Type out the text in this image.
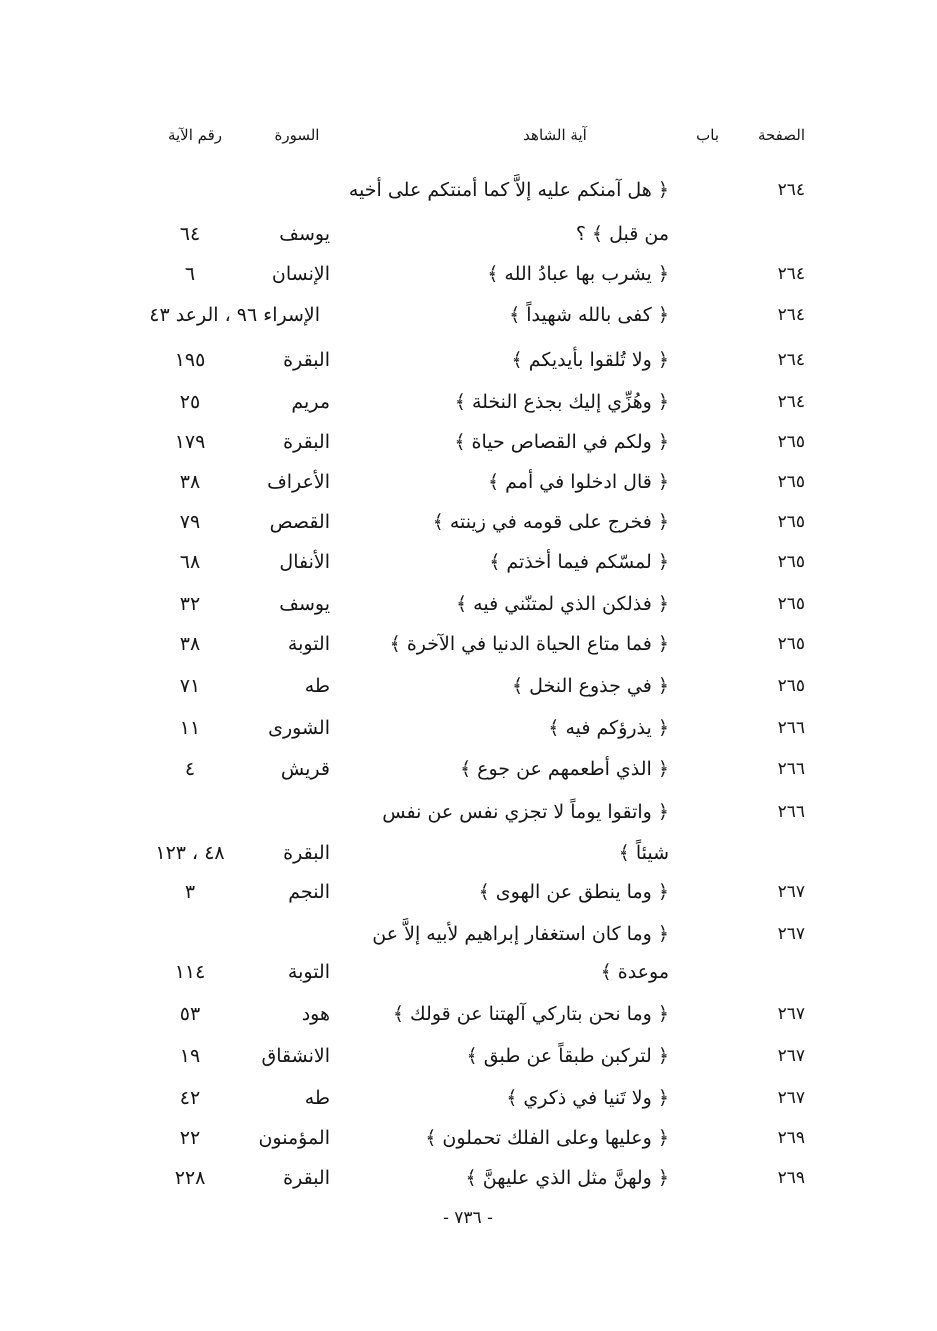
الصفحة
باب
آية الشاهد
السورة
رقم الآية
٢٦٤
﴿ هل آمنكم عليه إلاَّ كما أمنتكم على أخيه
من قبل ﴾ ؟
يوسف
٦٤
٢٦٤
﴿ يشرب بها عبادُ الله ﴾
الإنسان
٦
٢٦٤
﴿ كفى بالله شهيداً ﴾
الإسراء ٩٦ ، الرعد ٤٣
٢٦٤
﴿ ولا تُلقوا بأيديكم ﴾
البقرة
١٩٥
٢٦٤
﴿ وهُزِّي إليك بجذع النخلة ﴾
مريم
٢٥
٢٦٥
﴿ ولكم في القصاص حياة ﴾
البقرة
١٧٩
٢٦٥
﴿ قال ادخلوا في أمم ﴾
الأعراف
٣٨
٢٦٥
﴿ فخرج على قومه في زينته ﴾
القصص
٧٩
٢٦٥
﴿ لمسّكم فيما أخذتم ﴾
الأنفال
٦٨
٢٦٥
﴿ فذلكن الذي لمتنّني فيه ﴾
يوسف
٣٢
٢٦٥
﴿ فما متاع الحياة الدنيا في الآخرة ﴾
التوبة
٣٨
٢٦٥
﴿ في جذوع النخل ﴾
طه
٧١
٢٦٦
﴿ يذرؤكم فيه ﴾
الشورى
١١
٢٦٦
﴿ الذي أطعمهم عن جوع ﴾
قريش
٤
٢٦٦
﴿ واتقوا يوماً لا تجزي نفس عن نفس
شيئاً ﴾
البقرة
٤٨ ، ١٢٣
٢٦٧
﴿ وما ينطق عن الهوى ﴾
النجم
٣
٢٦٧
﴿ وما كان استغفار إبراهيم لأبيه إلاَّ عن
موعدة ﴾
التوبة
١١٤
٢٦٧
﴿ وما نحن بتاركي آلهتنا عن قولك ﴾
هود
٥٣
٢٦٧
﴿ لتركبن طبقاً عن طبق ﴾
الانشقاق
١٩
٢٦٧
﴿ ولا تَنيا في ذكري ﴾
طه
٤٢
٢٦٩
﴿ وعليها وعلى الفلك تحملون ﴾
المؤمنون
٢٢
٢٦٩
﴿ ولهنَّ مثل الذي عليهنَّ ﴾
البقرة
٢٢٨
- ٧٣٦ -
